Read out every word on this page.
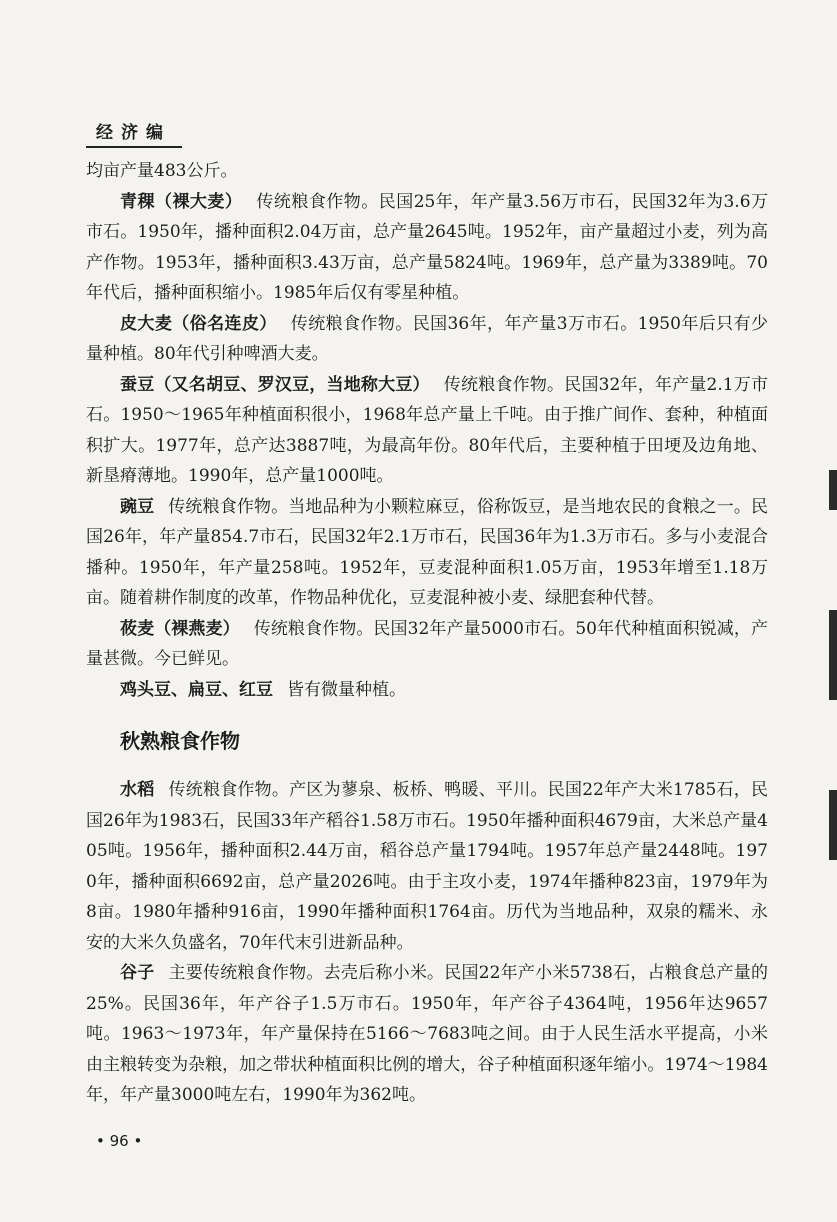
经济编

均亩产量483公斤。

青稞（裸大麦） 传统粮食作物。民国25年，年产量3.56万市石，民国32年为3.6万市石。1950年，播种面积2.04万亩，总产量2645吨。1952年，亩产量超过小麦，列为高产作物。1953年，播种面积3.43万亩，总产量5824吨。1969年，总产量为3389吨。70年代后，播种面积缩小。1985年后仅有零星种植。

皮大麦（俗名连皮） 传统粮食作物。民国36年，年产量3万市石。1950年后只有少量种植。80年代引种啤酒大麦。

蚕豆（又名胡豆、罗汉豆，当地称大豆） 传统粮食作物。民国32年，年产量2.1万市石。1950～1965年种植面积很小，1968年总产量上千吨。由于推广间作、套种，种植面积扩大。1977年，总产达3887吨，为最高年份。80年代后，主要种植于田埂及边角地、新垦瘠薄地。1990年，总产量1000吨。

豌豆 传统粮食作物。当地品种为小颗粒麻豆，俗称饭豆，是当地农民的食粮之一。民国26年，年产量854.7市石，民国32年2.1万市石，民国36年为1.3万市石。多与小麦混合播种。1950年，年产量258吨。1952年，豆麦混种面积1.05万亩，1953年增至1.18万亩。随着耕作制度的改革，作物品种优化，豆麦混种被小麦、绿肥套种代替。

莜麦（裸燕麦） 传统粮食作物。民国32年产量5000市石。50年代种植面积锐减，产量甚微。今已鲜见。

鸡头豆、扁豆、红豆 皆有微量种植。

秋熟粮食作物

水稻 传统粮食作物。产区为蓼泉、板桥、鸭暖、平川。民国22年产大米1785石，民国26年为1983石，民国33年产稻谷1.58万市石。1950年播种面积4679亩，大米总产量405吨。1956年，播种面积2.44万亩，稻谷总产量1794吨。1957年总产量2448吨。1970年，播种面积6692亩，总产量2026吨。由于主攻小麦，1974年播种823亩，1979年为8亩。1980年播种916亩，1990年播种面积1764亩。历代为当地品种，双泉的糯米、永安的大米久负盛名，70年代末引进新品种。

谷子 主要传统粮食作物。去壳后称小米。民国22年产小米5738石，占粮食总产量的25%。民国36年，年产谷子1.5万市石。1950年，年产谷子4364吨，1956年达9657吨。1963～1973年，年产量保持在5166～7683吨之间。由于人民生活水平提高，小米由主粮转变为杂粮，加之带状种植面积比例的增大，谷子种植面积逐年缩小。1974～1984年，年产量3000吨左右，1990年为362吨。

• 96 •
